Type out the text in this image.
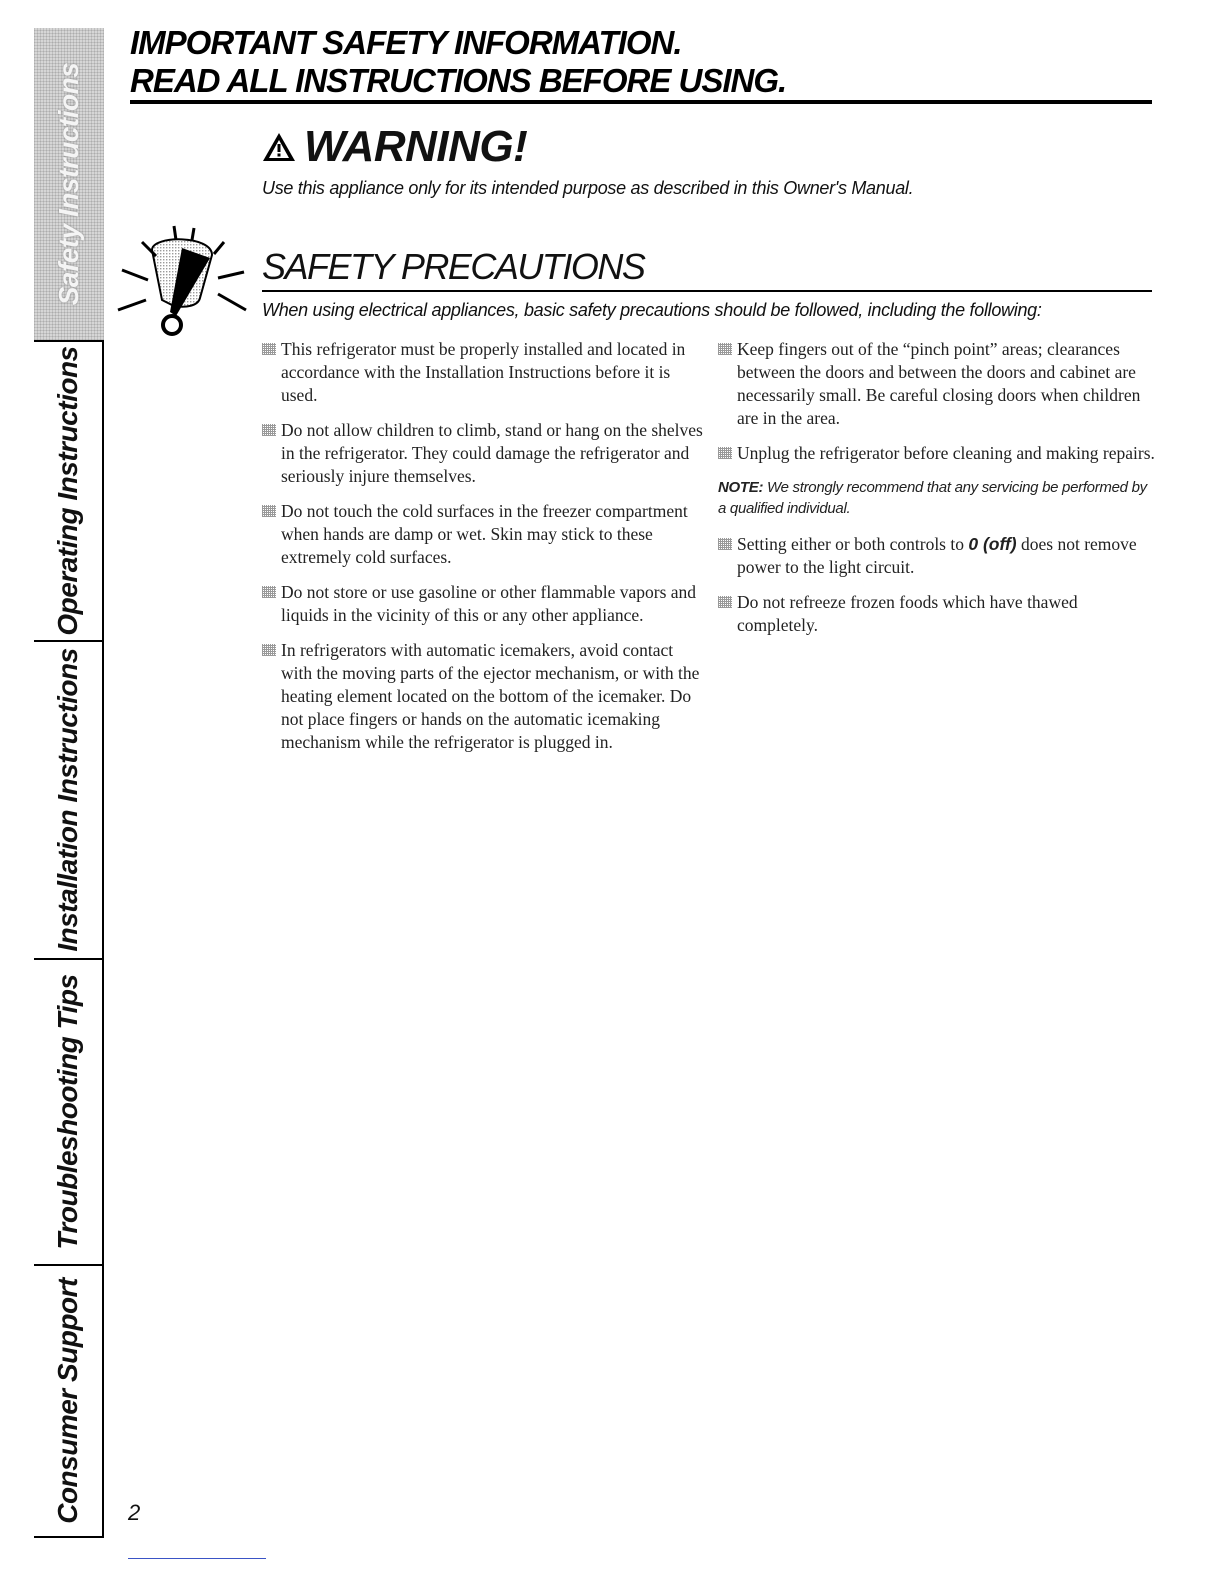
Safety Instructions
Operating Instructions
Installation Instructions
Troubleshooting Tips
Consumer Support

IMPORTANT SAFETY INFORMATION.

READ ALL INSTRUCTIONS BEFORE USING.

WARNING!
Use this appliance only for its intended purpose as described in this Owner's Manual.
SAFETY PRECAUTIONS
When using electrical appliances, basic safety precautions should be followed, including the following:
This refrigerator must be properly installed and located in accordance with the Installation Instructions before it is used.
Do not allow children to climb, stand or hang on the shelves in the refrigerator. They could damage the refrigerator and seriously injure themselves.
Do not touch the cold surfaces in the freezer compartment when hands are damp or wet. Skin may stick to these extremely cold surfaces.
Do not store or use gasoline or other flammable vapors and liquids in the vicinity of this or any other appliance.
In refrigerators with automatic icemakers, avoid contact with the moving parts of the ejector mechanism, or with the heating element located on the bottom of the icemaker. Do not place fingers or hands on the automatic icemaking mechanism while the refrigerator is plugged in.
Keep fingers out of the “pinch point” areas; clearances between the doors and between the doors and cabinet are necessarily small. Be careful closing doors when children are in the area.
Unplug the refrigerator before cleaning and making repairs.

NOTE: We strongly recommend that any servicing be performed by a qualified individual.

Setting either or both controls to 0 (off) does not remove power to the light circuit.
Do not refreeze frozen foods which have thawed completely.
2
